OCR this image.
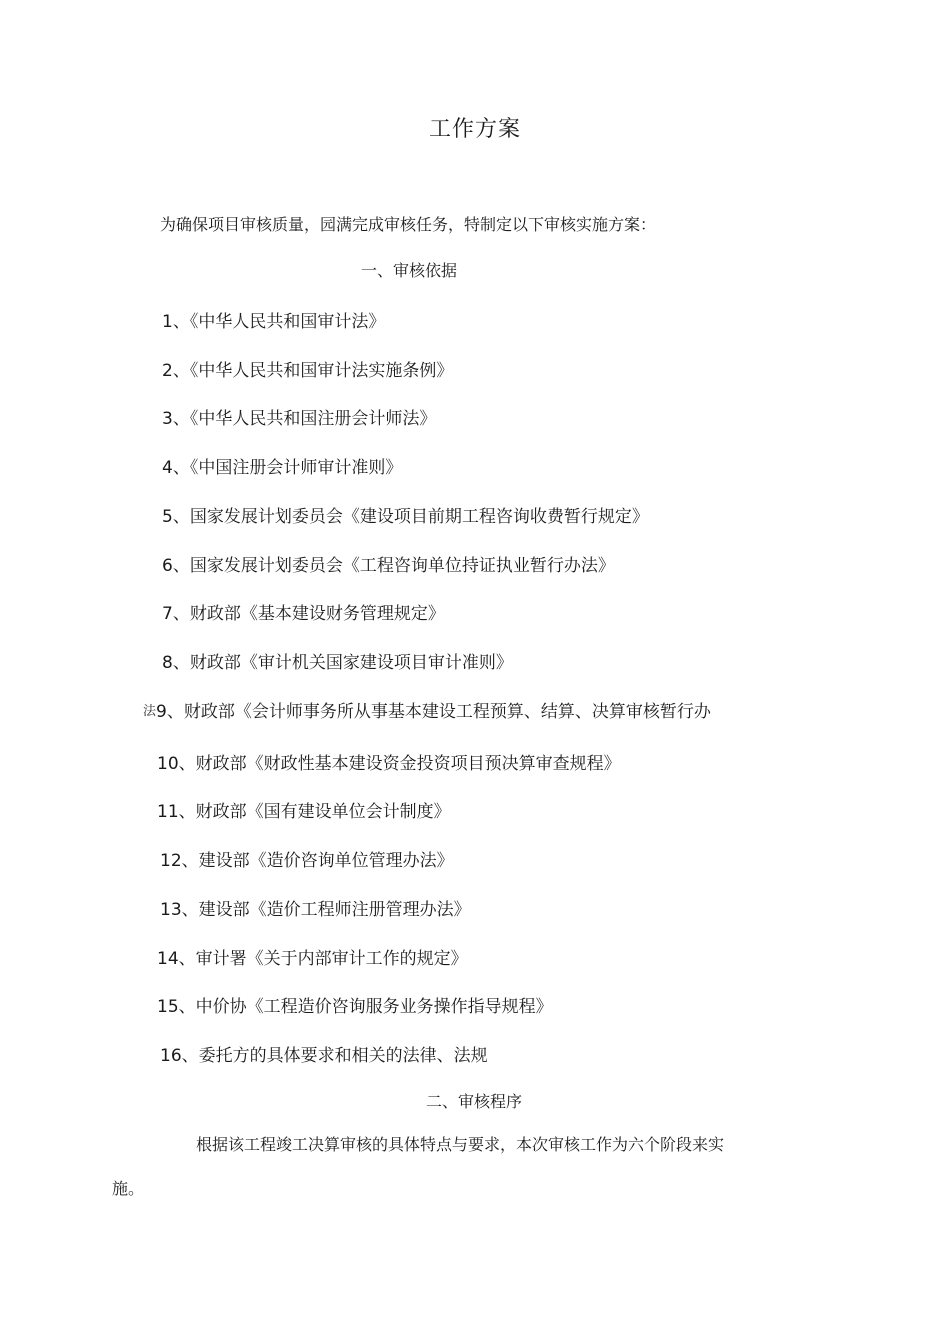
工作方案
为确保项目审核质量，园满完成审核任务，特制定以下审核实施方案：
一、审核依据
1、《中华人民共和国审计法》
2、《中华人民共和国审计法实施条例》
3、《中华人民共和国注册会计师法》
4、《中国注册会计师审计准则》
5、国家发展计划委员会《建设项目前期工程咨询收费暂行规定》
6、国家发展计划委员会《工程咨询单位持证执业暂行办法》
7、财政部《基本建设财务管理规定》
8、财政部《审计机关国家建设项目审计准则》
法 9、财政部《会计师事务所从事基本建设工程预算、结算、决算审核暂行办
10、财政部《财政性基本建设资金投资项目预决算审查规程》
11、财政部《国有建设单位会计制度》
12、建设部《造价咨询单位管理办法》
13、建设部《造价工程师注册管理办法》
14、审计署《关于内部审计工作的规定》
15、中价协《工程造价咨询服务业务操作指导规程》
16、委托方的具体要求和相关的法律、法规
二、审核程序
根据该工程竣工决算审核的具体特点与要求，本次审核工作为六个阶段来实
施。
